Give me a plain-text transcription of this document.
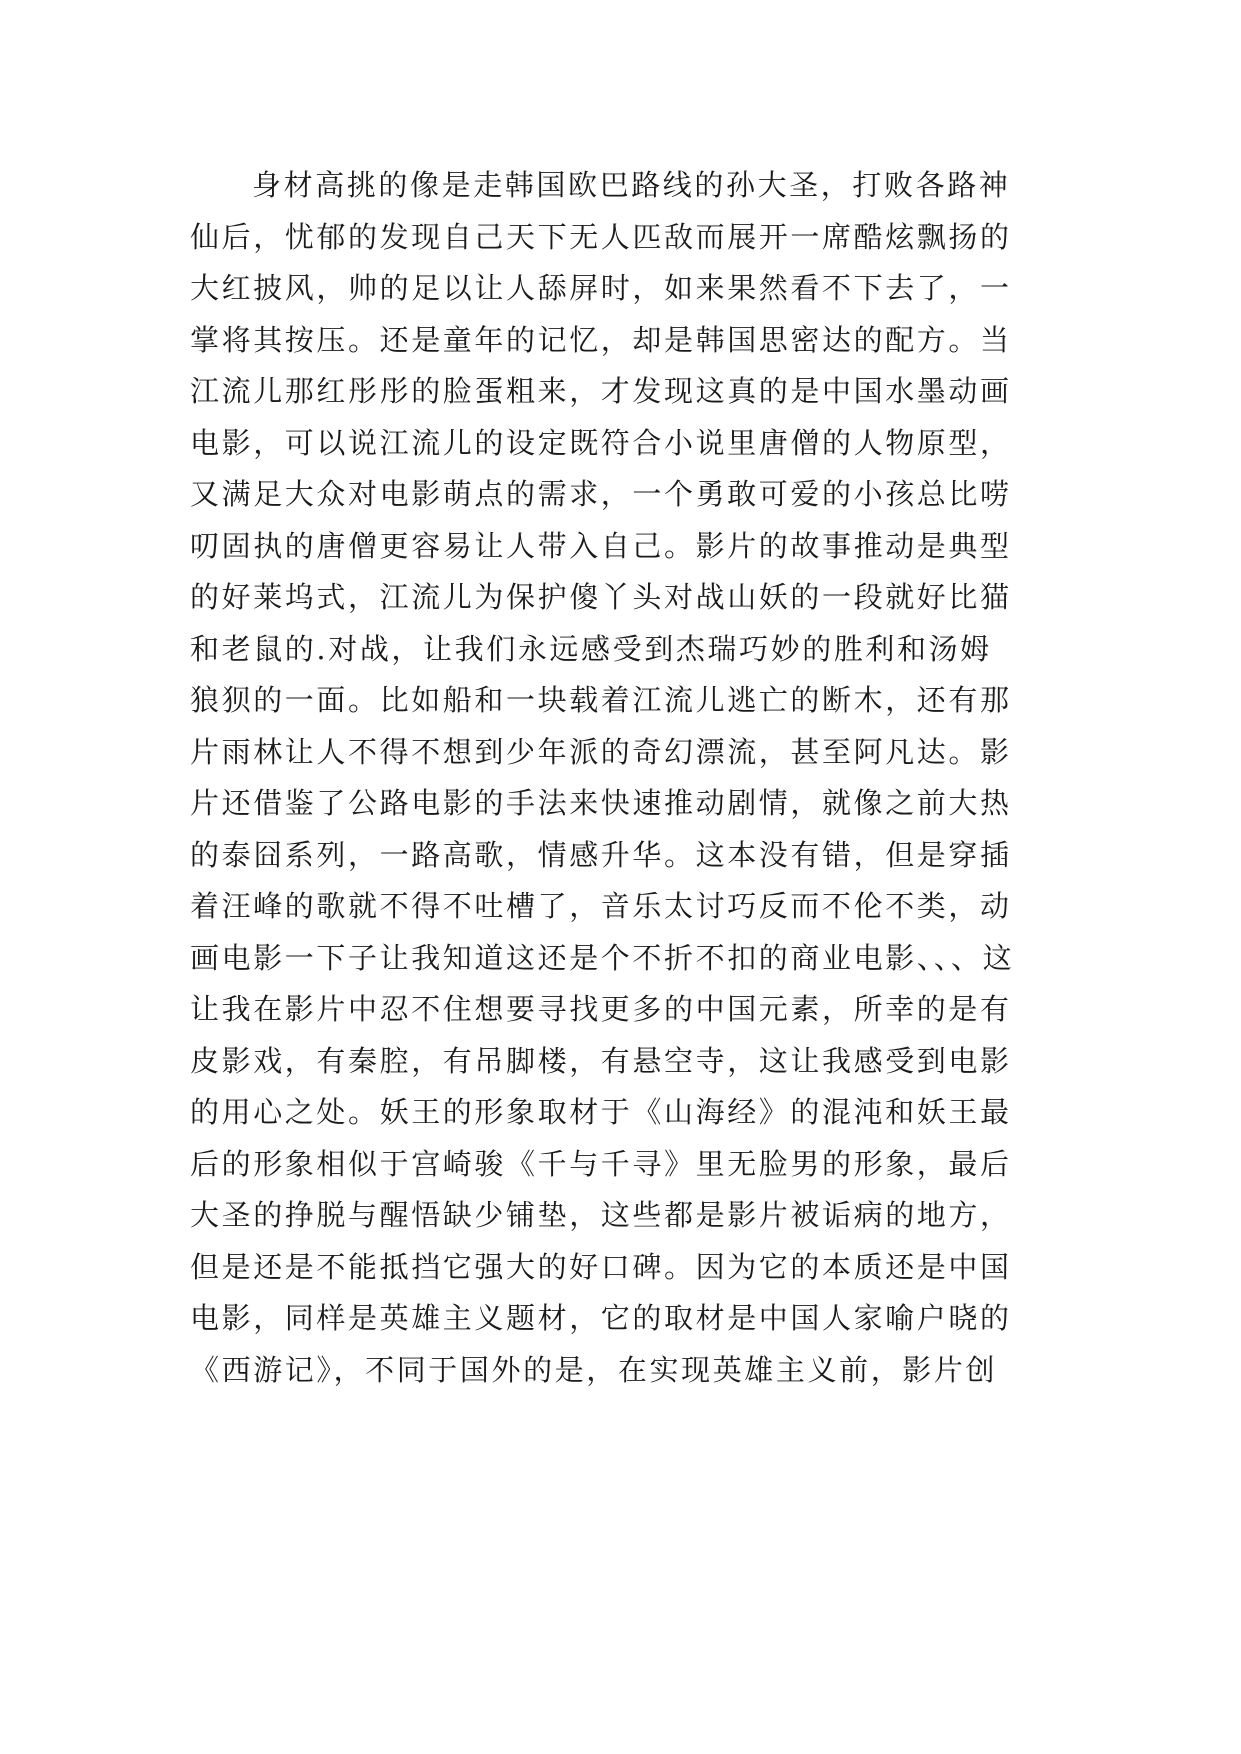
身材高挑的像是走韩国欧巴路线的孙大圣，打败各路神
仙后，忧郁的发现自己天下无人匹敌而展开一席酷炫飘扬的
大红披风，帅的足以让人舔屏时，如来果然看不下去了，一
掌将其按压。还是童年的记忆，却是韩国思密达的配方。当
江流儿那红彤彤的脸蛋粗来，才发现这真的是中国水墨动画
电影，可以说江流儿的设定既符合小说里唐僧的人物原型，
又满足大众对电影萌点的需求，一个勇敢可爱的小孩总比唠
叨固执的唐僧更容易让人带入自己。影片的故事推动是典型
的好莱坞式，江流儿为保护傻丫头对战山妖的一段就好比猫
和老鼠的.对战，让我们永远感受到杰瑞巧妙的胜利和汤姆
狼狈的一面。比如船和一块载着江流儿逃亡的断木，还有那
片雨林让人不得不想到少年派的奇幻漂流，甚至阿凡达。影
片还借鉴了公路电影的手法来快速推动剧情，就像之前大热
的泰囧系列，一路高歌，情感升华。这本没有错，但是穿插
着汪峰的歌就不得不吐槽了，音乐太讨巧反而不伦不类，动
画电影一下子让我知道这还是个不折不扣的商业电影、、、这
让我在影片中忍不住想要寻找更多的中国元素，所幸的是有
皮影戏，有秦腔，有吊脚楼，有悬空寺，这让我感受到电影
的用心之处。妖王的形象取材于《山海经》的混沌和妖王最
后的形象相似于宫崎骏《千与千寻》里无脸男的形象，最后
大圣的挣脱与醒悟缺少铺垫，这些都是影片被诟病的地方，
但是还是不能抵挡它强大的好口碑。因为它的本质还是中国
电影，同样是英雄主义题材，它的取材是中国人家喻户晓的
《西游记》，不同于国外的是，在实现英雄主义前，影片创
